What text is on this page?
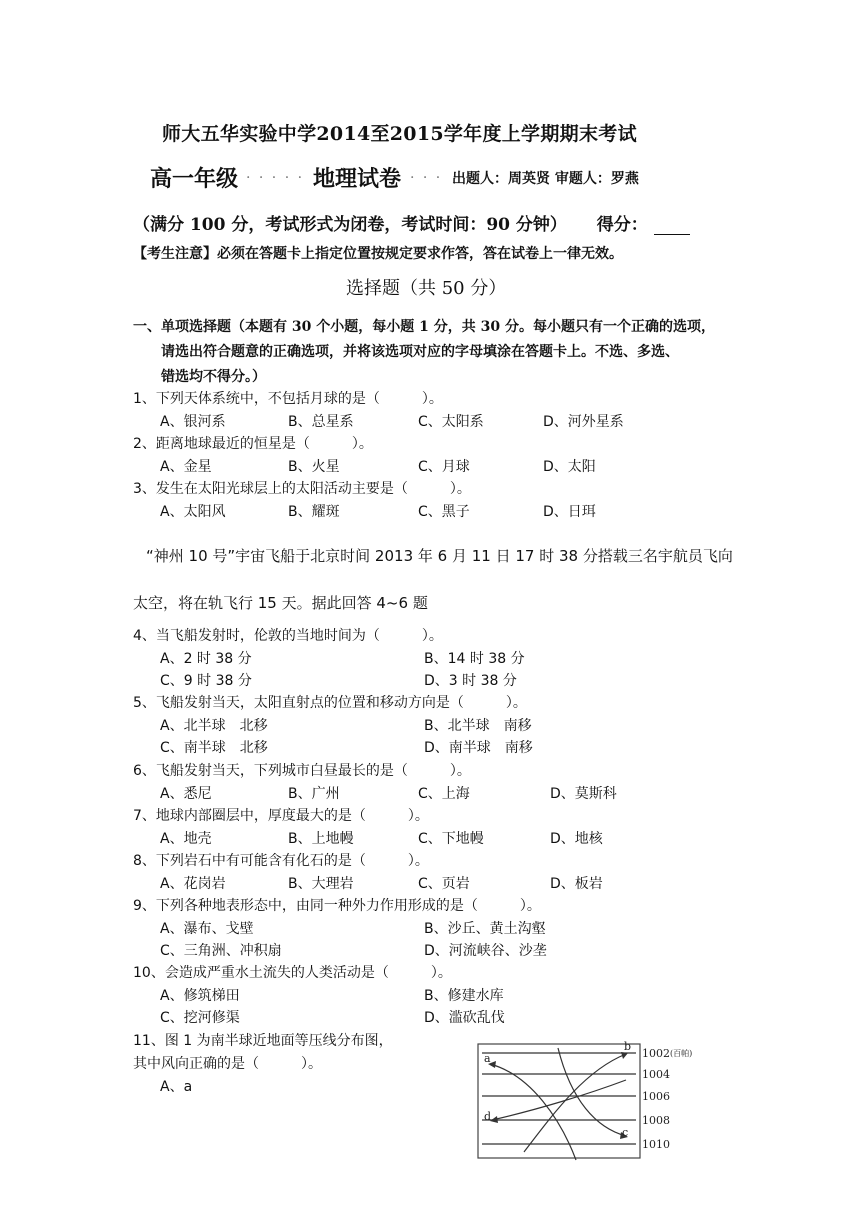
师大五华实验中学2014至2015学年度上学期期末考试
高一年级 · · · · · 地理试卷 · · · 出题人：周英贤 审题人：罗燕
（满分 100 分，考试形式为闭卷，考试时间：90 分钟） 得分：
【考生注意】必须在答题卡上指定位置按规定要求作答，答在试卷上一律无效。
选择题（共 50 分）
一、单项选择题（本题有 30 个小题，每小题 1 分，共 30 分。每小题只有一个正确的选项，
请选出符合题意的正确选项，并将该选项对应的字母填涂在答题卡上。不选、多选、
错选均不得分。）
1、下列天体系统中，不包括月球的是（　　　）。
A、银河系	B、总星系	C、太阳系	D、河外星系
2、距离地球最近的恒星是（　　　）。
A、金星	B、火星	C、月球	D、太阳
3、发生在太阳光球层上的太阳活动主要是（　　　）。
A、太阳风	B、耀斑	C、黑子	D、日珥
“神州 10 号”宇宙飞船于北京时间 2013 年 6 月 11 日 17 时 38 分搭载三名宇航员飞向
太空，将在轨飞行 15 天。据此回答 4~6 题
4、当飞船发射时，伦敦的当地时间为（　　　）。
A、2 时 38 分	B、14 时 38 分
C、9 时 38 分	D、3 时 38 分
5、飞船发射当天，太阳直射点的位置和移动方向是（　　　）。
A、北半球　北移	B、北半球　南移
C、南半球　北移	D、南半球　南移
6、飞船发射当天，下列城市白昼最长的是（　　　）。
A、悉尼	B、广州	C、上海	D、莫斯科
7、地球内部圈层中，厚度最大的是（　　　）。
A、地壳	B、上地幔	C、下地幔	D、地核
8、下列岩石中有可能含有化石的是（　　　）。
A、花岗岩	B、大理岩	C、页岩	D、板岩
9、下列各种地表形态中，由同一种外力作用形成的是（　　　）。
A、瀑布、戈壁	B、沙丘、黄土沟壑
C、三角洲、冲积扇	D、河流峡谷、沙垄
10、会造成严重水土流失的人类活动是（　　　）。
A、修筑梯田	B、修建水库
C、挖河修渠	D、滥砍乱伐
11、图 1 为南半球近地面等压线分布图，
其中风向正确的是（　　　）。
A、a
a
b
c
d
1002
1004
1006
1008
1010
(百帕)
